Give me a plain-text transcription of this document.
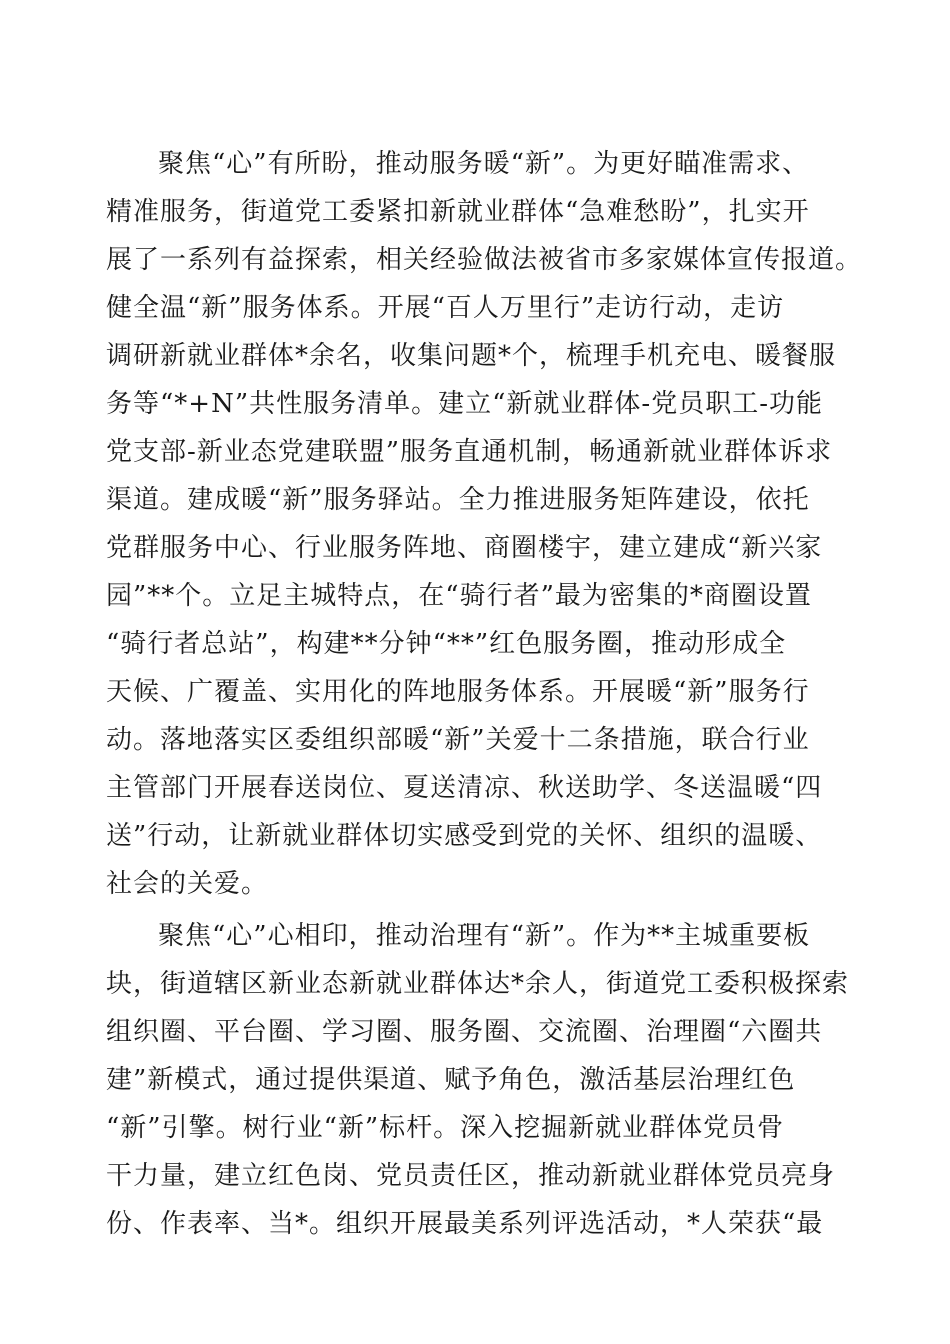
聚焦“心”有所盼，推动服务暖“新”。为更好瞄准需求、
精准服务，街道党工委紧扣新就业群体“急难愁盼”，扎实开
展了一系列有益探索，相关经验做法被省市多家媒体宣传报道。
健全温“新”服务体系。开展“百人万里行”走访行动，走访
调研新就业群体*余名，收集问题*个，梳理手机充电、暖餐服
务等“*+N”共性服务清单。建立“新就业群体-党员职工-功能
党支部-新业态党建联盟”服务直通机制，畅通新就业群体诉求
渠道。建成暖“新”服务驿站。全力推进服务矩阵建设，依托
党群服务中心、行业服务阵地、商圈楼宇，建立建成“新兴家
园”**个。立足主城特点，在“骑行者”最为密集的*商圈设置
“骑行者总站”，构建**分钟“**”红色服务圈，推动形成全
天候、广覆盖、实用化的阵地服务体系。开展暖“新”服务行
动。落地落实区委组织部暖“新”关爱十二条措施，联合行业
主管部门开展春送岗位、夏送清凉、秋送助学、冬送温暖“四
送”行动，让新就业群体切实感受到党的关怀、组织的温暖、
社会的关爱。
聚焦“心”心相印，推动治理有“新”。作为**主城重要板
块，街道辖区新业态新就业群体达*余人，街道党工委积极探索
组织圈、平台圈、学习圈、服务圈、交流圈、治理圈“六圈共
建”新模式，通过提供渠道、赋予角色，激活基层治理红色
“新”引擎。树行业“新”标杆。深入挖掘新就业群体党员骨
干力量，建立红色岗、党员责任区，推动新就业群体党员亮身
份、作表率、当*。组织开展最美系列评选活动，*人荣获“最
